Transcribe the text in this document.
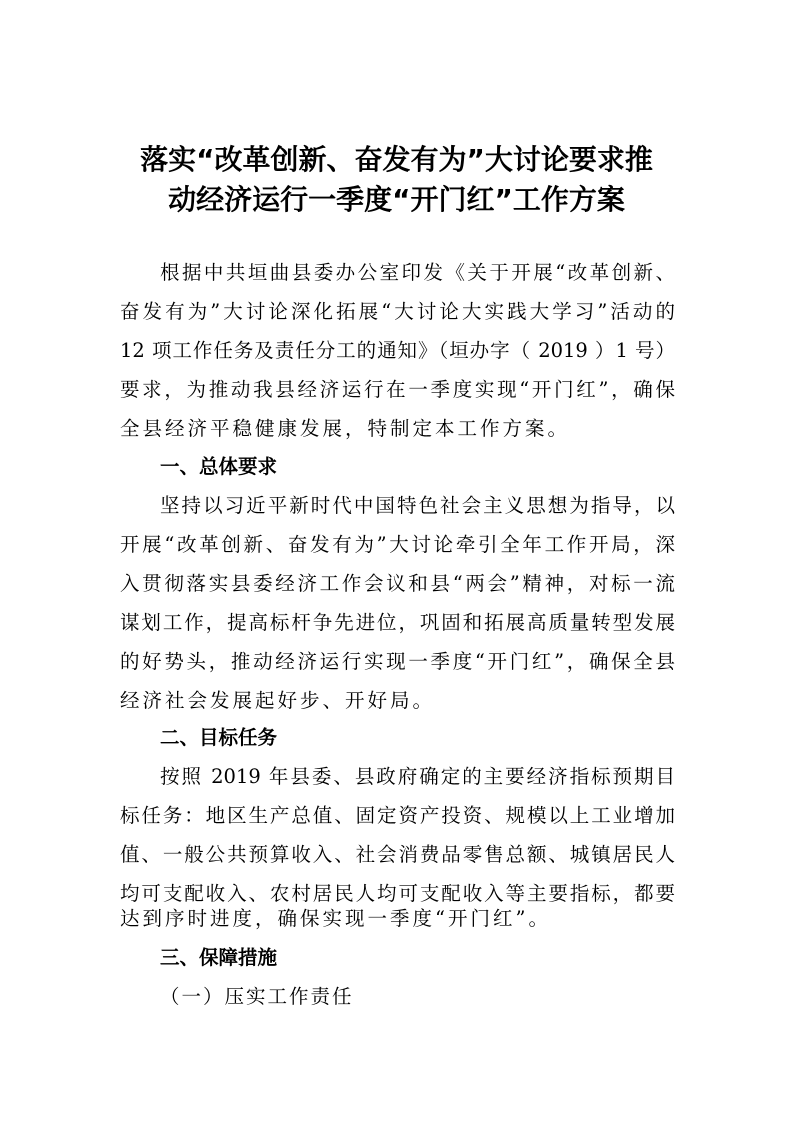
落实“改革创新、奋发有为”大讨论要求推
动经济运行一季度“开门红”工作方案
根据中共垣曲县委办公室印发《关于开展“改革创新、
奋发有为”大讨论深化拓展“大讨论大实践大学习”活动的
12 项工作任务及责任分工的通知》（垣办字（ 2019 ）1 号）
要求，为推动我县经济运行在一季度实现“开门红”，确保
全县经济平稳健康发展，特制定本工作方案。
一、总体要求
坚持以习近平新时代中国特色社会主义思想为指导，以
开展“改革创新、奋发有为”大讨论牵引全年工作开局，深
入贯彻落实县委经济工作会议和县“两会”精神，对标一流
谋划工作，提高标杆争先进位，巩固和拓展高质量转型发展
的好势头，推动经济运行实现一季度“开门红”，确保全县
经济社会发展起好步、开好局。
二、目标任务
按照 2019 年县委、县政府确定的主要经济指标预期目
标任务：地区生产总值、固定资产投资、规模以上工业增加
值、一般公共预算收入、社会消费品零售总额、城镇居民人
均可支配收入、农村居民人均可支配收入等主要指标，都要
达到序时进度，确保实现一季度“开门红”。
三、保障措施
（一）压实工作责任
